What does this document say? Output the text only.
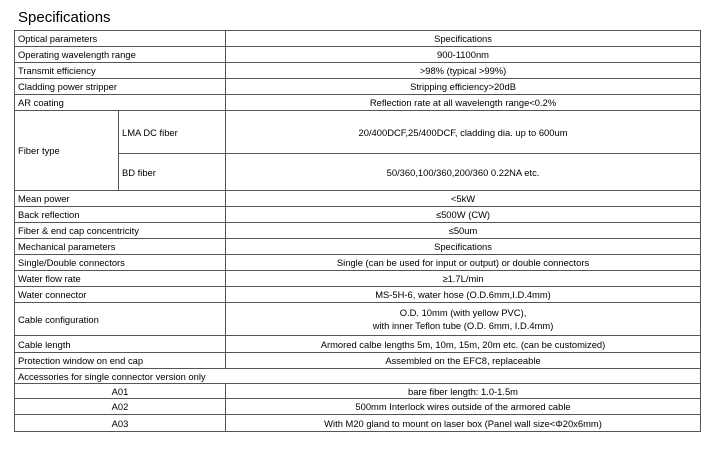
Specifications
Optical parameters		Specifications
Operating wavelength range		900-1100nm
Transmit efficiency		>98% (typical >99%)
Cladding power stripper		Stripping efficiency>20dB
AR coating		Reflection rate at all wavelength range<0.2%
Fiber type	LMA DC fiber	20/400DCF,25/400DCF, cladding dia. up to 600um
	BD fiber	50/360,100/360,200/360 0.22NA etc.
Mean power		<5kW
Back reflection		≤500W (CW)
Fiber & end cap concentricity		≤50um
Mechanical parameters		Specifications
Single/Double connectors		Single (can be used for input or output) or double connectors
Water flow rate		≥1.7L/min
Water connector		MS-5H-6, water hose (O.D.6mm,I.D.4mm)
Cable configuration		O.D. 10mm (with yellow PVC),
with inner Teflon tube (O.D. 6mm, I.D.4mm)

Cable length		Armored calbe lengths 5m, 10m, 15m, 20m etc. (can be customized)
Protection window on end cap		Assembled on the EFC8, replaceable
Accessories for single connector version only		
A01		bare fiber length: 1.0-1.5m
A02		500mm Interlock wires outside of the armored cable
A03		With M20 gland to mount on laser box (Panel wall size<Φ20x6mm)
